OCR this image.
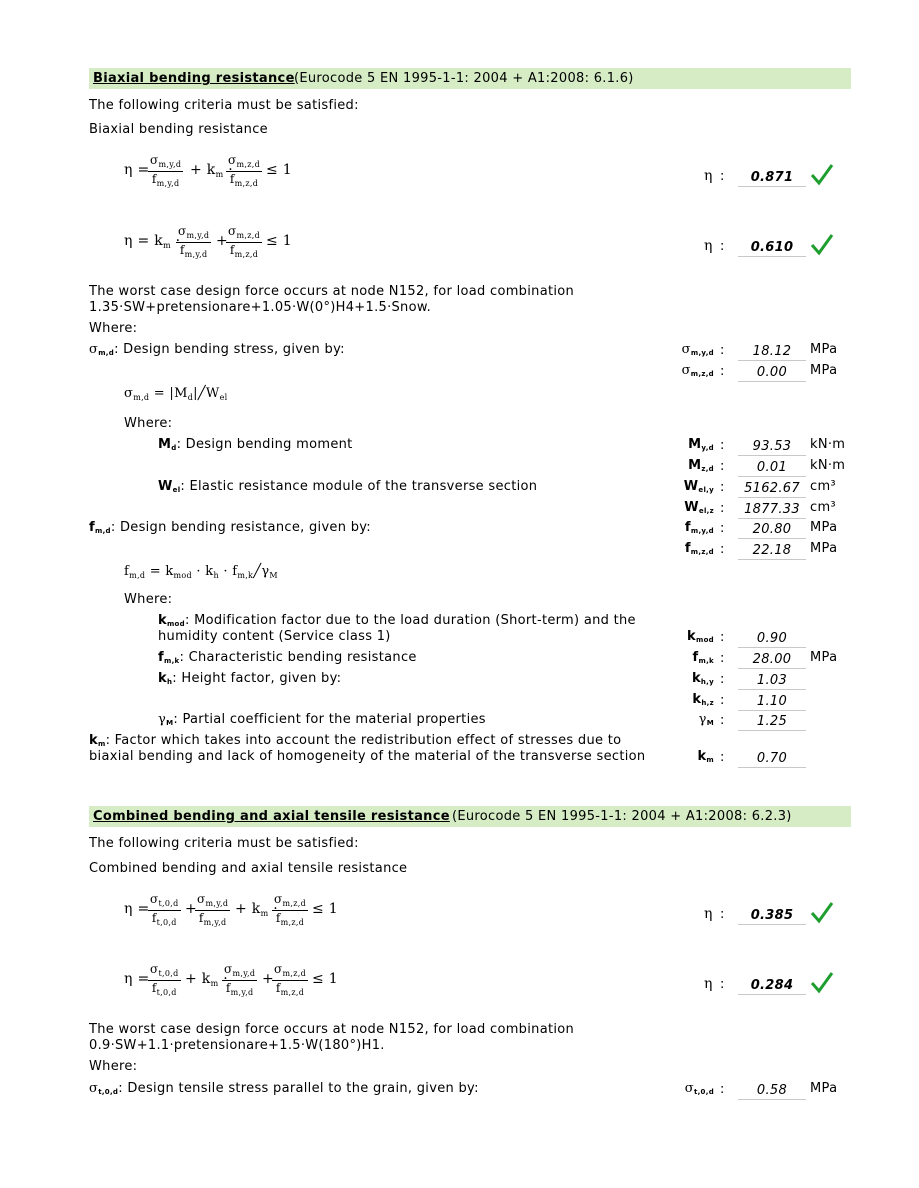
Biaxial bending resistance (Eurocode 5 EN 1995-1-1: 2004 + A1:2008: 6.1.6)
The following criteria must be satisfied:
Biaxial bending resistance
η =
$\frac{\sigma_{m,y,d}}{f_{m,y,d}} + k_m$ ·
$\frac{\sigma_{m,z,d}}{f_{m,z,d}} \le 1$	η :	0.871
$\eta = k_m$ ·
$\frac{\sigma_{m,y,d}}{f_{m,y,d}}$ +
$\frac{\sigma_{m,z,d}}{f_{m,z,d}} \le 1$	η :	0.610
The worst case design force occurs at node N152, for load combination
1.35·SW+pretensionare+1.05·W(0°)H4+1.5·Snow.
Where:
σm,d: Design bending stress, given by:	σm,y,d :	18.12	MPa
σm,z,d :	0.00	MPa
$\sigma_{m,d}$ = $|M_d|╱W_{el}$
Where:
Md: Design bending moment	My,d :	93.53	kN·m
Mz,d :	0.01	kN·m
Wel: Elastic resistance module of the transverse section	Wel,y :	5162.67 cm³
Wel,z :	1877.33 cm³
fm,d: Design bending resistance, given by:	fm,y,d :	20.80	MPa
fm,z,d :	22.18	MPa
$f_{m,d} = k_{mod} \cdot k_h$ · $f_{m,k}╱\gamma_M$
Where:
kmod: Modification factor due to the load duration (Short-term) and the
humidity content (Service class 1)	kmod :	0.90
fm,k: Characteristic bending resistance	fm,k :	28.00	MPa
kh: Height factor, given by:	kh,y :	1.03
kh,z :	1.10
γM: Partial coefficient for the material properties	γM :	1.25
km: Factor which takes into account the redistribution effect of stresses due to
biaxial bending and lack of homogeneity of the material of the transverse section	km :	0.70
Combined bending and axial tensile resistance (Eurocode 5 EN 1995-1-1: 2004 + A1:2008: 6.2.3)
The following criteria must be satisfied:
Combined bending and axial tensile resistance
η =
$\frac{\sigma_{t,0,d}}{f_{t,0,d}}$ +
$\frac{\sigma_{m,y,d}}{f_{m,y,d}} + k_m$ ·
$\frac{\sigma_{m,z,d}}{f_{m,z,d}} \le 1$	η :	0.385
η =
$\frac{\sigma_{t,0,d}}{f_{t,0,d}} + k_m$ ·
$\frac{\sigma_{m,y,d}}{f_{m,y,d}}$ +
$\frac{\sigma_{m,z,d}}{f_{m,z,d}} \le 1$	η :	0.284
The worst case design force occurs at node N152, for load combination
0.9·SW+1.1·pretensionare+1.5·W(180°)H1.
Where:
σt,0,d: Design tensile stress parallel to the grain, given by:	σt,0,d :	0.58	MPa
